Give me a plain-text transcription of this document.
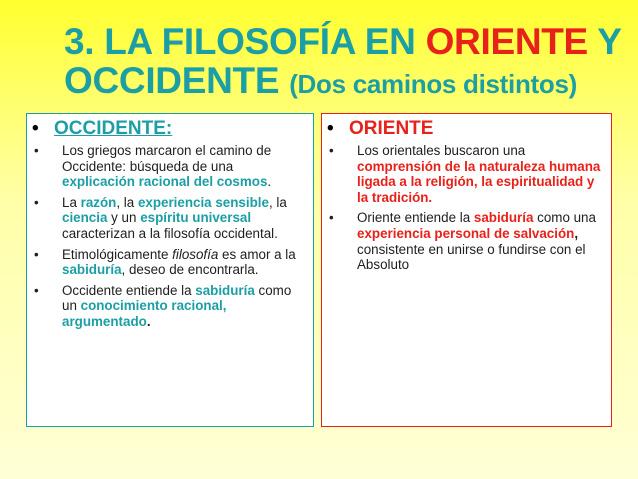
3. LA FILOSOFÍA EN ORIENTE Y OCCIDENTE (Dos caminos distintos)
• OCCIDENTE:
• Los griegos marcaron el camino de Occidente: búsqueda de una explicación racional del cosmos.
• La razón, la experiencia sensible, la ciencia y un espíritu universal caracterizan a la filosofía occidental.
• Etimológicamente filosofía es amor a la sabiduría, deseo de encontrarla.
• Occidente entiende la sabiduría como un conocimiento racional, argumentado.
• ORIENTE
• Los orientales buscaron una comprensión de la naturaleza humana ligada a la religión, la espiritualidad y la tradición.
• Oriente entiende la sabiduría como una experiencia personal de salvación, consistente en unirse o fundirse con el Absoluto
